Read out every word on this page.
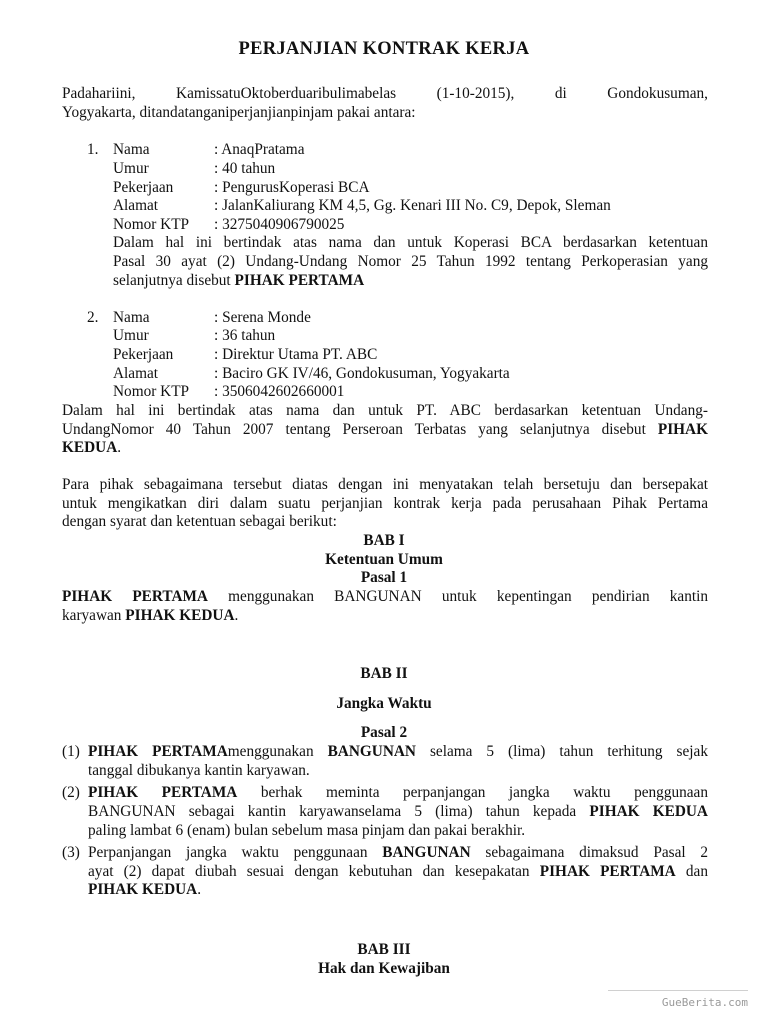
PERJANJIAN KONTRAK KERJA
Padahariini, KamissatuOktoberduaribulimabelas (1-10-2015), di Gondokusuman,
Yogyakarta, ditandatanganiperjanjianpinjam pakai antara:
1. Nama	: AnaqPratama
Umur	: 40 tahun
Pekerjaan	: PengurusKoperasi BCA
Alamat	: JalanKaliurang KM 4,5, Gg. Kenari III No. C9, Depok, Sleman
Nomor KTP : 3275040906790025
Dalam hal ini bertindak atas nama dan untuk Koperasi BCA berdasarkan ketentuan
Pasal 30 ayat (2) Undang-Undang Nomor 25 Tahun 1992 tentang Perkoperasian yang
selanjutnya disebut PIHAK PERTAMA
2. Nama	: Serena Monde
Umur	: 36 tahun
Pekerjaan	: Direktur Utama PT. ABC
Alamat	: Baciro GK IV/46, Gondokusuman, Yogyakarta
Nomor KTP : 3506042602660001
Dalam hal ini bertindak atas nama dan untuk PT. ABC berdasarkan ketentuan Undang-
UndangNomor 40 Tahun 2007 tentang Perseroan Terbatas yang selanjutnya disebut PIHAK
KEDUA.
Para pihak sebagaimana tersebut diatas dengan ini menyatakan telah bersetuju dan bersepakat
untuk mengikatkan diri dalam suatu perjanjian kontrak kerja pada perusahaan Pihak Pertama
dengan syarat dan ketentuan sebagai berikut:
BAB I
Ketentuan Umum
Pasal 1
PIHAK PERTAMA menggunakan BANGUNAN untuk kepentingan pendirian kantin
karyawan PIHAK KEDUA.
BAB II
Jangka Waktu
Pasal 2
(1) PIHAK PERTAMAmenggunakan BANGUNAN selama 5 (lima) tahun terhitung sejak
tanggal dibukanya kantin karyawan.
(2) PIHAK PERTAMA berhak meminta perpanjangan jangka waktu penggunaan
BANGUNAN sebagai kantin karyawanselama 5 (lima) tahun kepada PIHAK KEDUA
paling lambat 6 (enam) bulan sebelum masa pinjam dan pakai berakhir.
(3) Perpanjangan jangka waktu penggunaan BANGUNAN sebagaimana dimaksud Pasal 2
ayat (2) dapat diubah sesuai dengan kebutuhan dan kesepakatan PIHAK PERTAMA dan
PIHAK KEDUA.
BAB III
Hak dan Kewajiban
GueBerita.com
